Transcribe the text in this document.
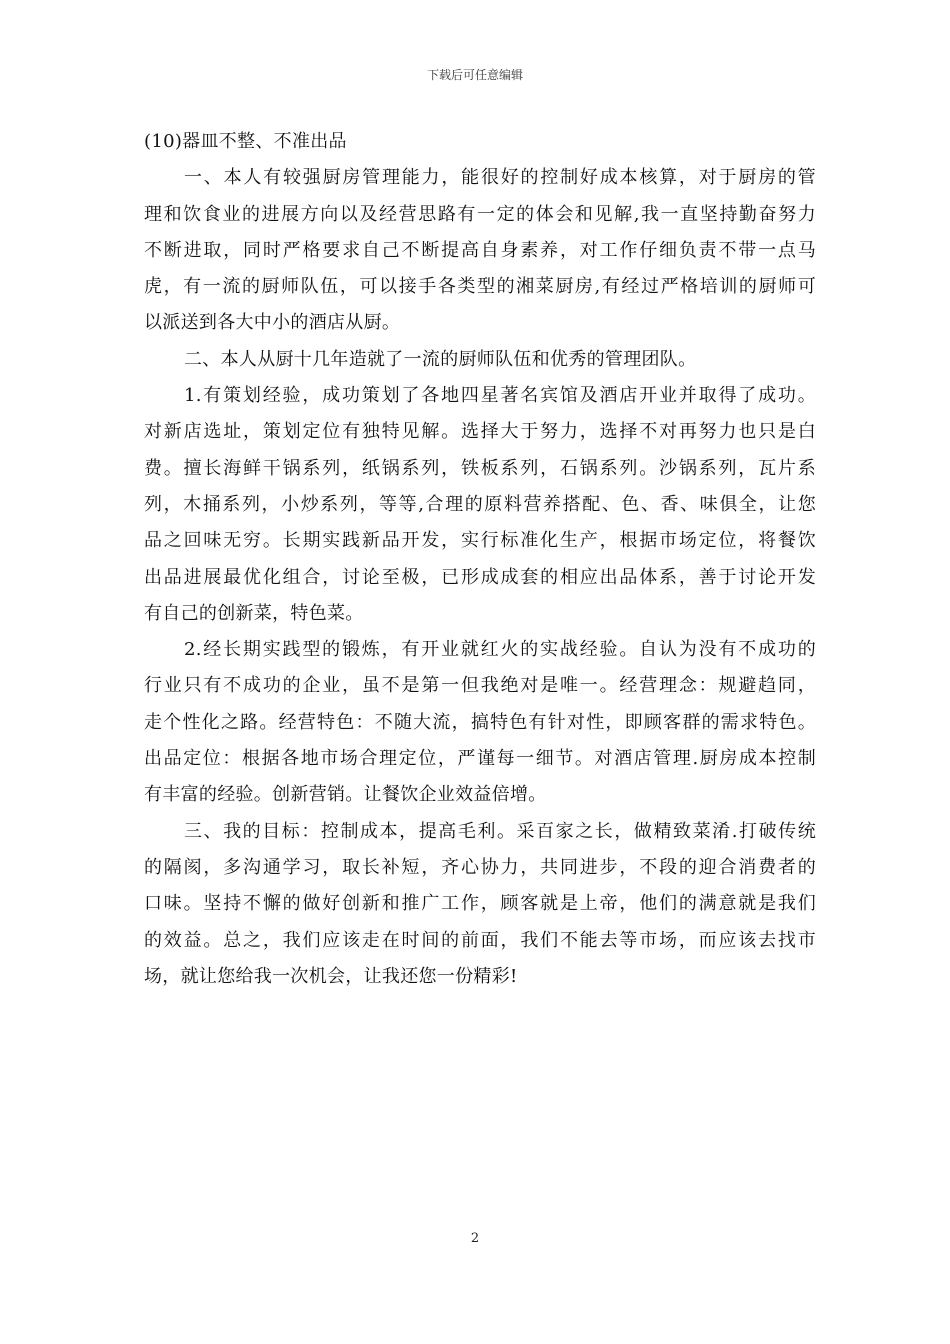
下载后可任意编辑
(10)器皿不整、不准出品
一、本人有较强厨房管理能力，能很好的控制好成本核算，对于厨房的管
理和饮食业的进展方向以及经营思路有一定的体会和见解,我一直坚持勤奋努力
不断进取，同时严格要求自己不断提高自身素养，对工作仔细负责不带一点马
虎，有一流的厨师队伍，可以接手各类型的湘菜厨房,有经过严格培训的厨师可
以派送到各大中小的酒店从厨。
二、本人从厨十几年造就了一流的厨师队伍和优秀的管理团队。
1.有策划经验，成功策划了各地四星著名宾馆及酒店开业并取得了成功。
对新店选址，策划定位有独特见解。选择大于努力，选择不对再努力也只是白
费。擅长海鲜干锅系列，纸锅系列，铁板系列，石锅系列。沙锅系列，瓦片系
列，木捅系列，小炒系列，等等,合理的原料营养搭配、色、香、味俱全，让您
品之回味无穷。长期实践新品开发，实行标准化生产，根据市场定位，将餐饮
出品进展最优化组合，讨论至极，已形成成套的相应出品体系，善于讨论开发
有自己的创新菜，特色菜。
2.经长期实践型的锻炼，有开业就红火的实战经验。自认为没有不成功的
行业只有不成功的企业，虽不是第一但我绝对是唯一。经营理念：规避趋同，
走个性化之路。经营特色：不随大流，搞特色有针对性，即顾客群的需求特色。
出品定位：根据各地市场合理定位，严谨每一细节。对酒店管理.厨房成本控制
有丰富的经验。创新营销。让餐饮企业效益倍增。
三、我的目标：控制成本，提高毛利。采百家之长，做精致菜淆.打破传统
的隔阂，多沟通学习，取长补短，齐心协力，共同进步，不段的迎合消费者的
口味。坚持不懈的做好创新和推广工作，顾客就是上帝，他们的满意就是我们
的效益。总之，我们应该走在时间的前面，我们不能去等市场，而应该去找市
场，就让您给我一次机会，让我还您一份精彩!
2
